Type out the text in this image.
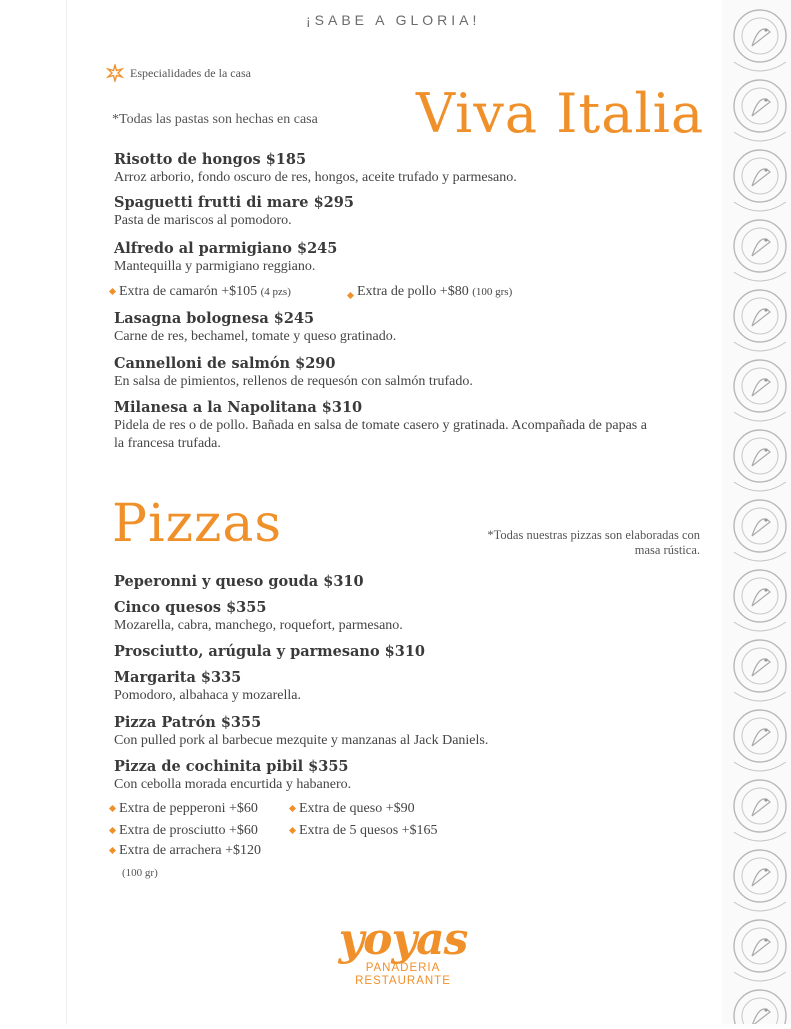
¡SABE A GLORIA!
Especialidades de la casa
*Todas las pastas son hechas en casa Viva Italia
Risotto de hongos $185
Arroz arborio, fondo oscuro de res, hongos, aceite trufado y parmesano.
Spaguetti frutti di mare $295
Pasta de mariscos al pomodoro.
Alfredo al parmigiano $245
Mantequilla y parmigiano reggiano.
Extra de camarón +$105 (4 pzs)	Extra de pollo +$80 (100 grs)
Lasagna bolognesa $245
Carne de res, bechamel, tomate y queso gratinado.
Cannelloni de salmón $290
En salsa de pimientos, rellenos de requesón con salmón trufado.
Milanesa a la Napolitana $310
Pidela de res o de pollo. Bañada en salsa de tomate casero y gratinada. Acompañada de papas a la francesa trufada.
Pizzas	*Todas nuestras pizzas son elaboradas con masa rústica.
Peperonni y queso gouda $310
Cinco quesos $355
Mozarella, cabra, manchego, roquefort, parmesano.
Prosciutto, arúgula y parmesano $310
Margarita $335
Pomodoro, albahaca y mozarella.
Pizza Patrón $355
Con pulled pork al barbecue mezquite y manzanas al Jack Daniels.
Pizza de cochinita pibil $355
Con cebolla morada encurtida y habanero.
Extra de pepperoni +$60	Extra de queso +$90
Extra de prosciutto +$60	Extra de 5 quesos +$165
Extra de arrachera +$120
(100 gr)
yoyas
PANADERIA
RESTAURANTE
